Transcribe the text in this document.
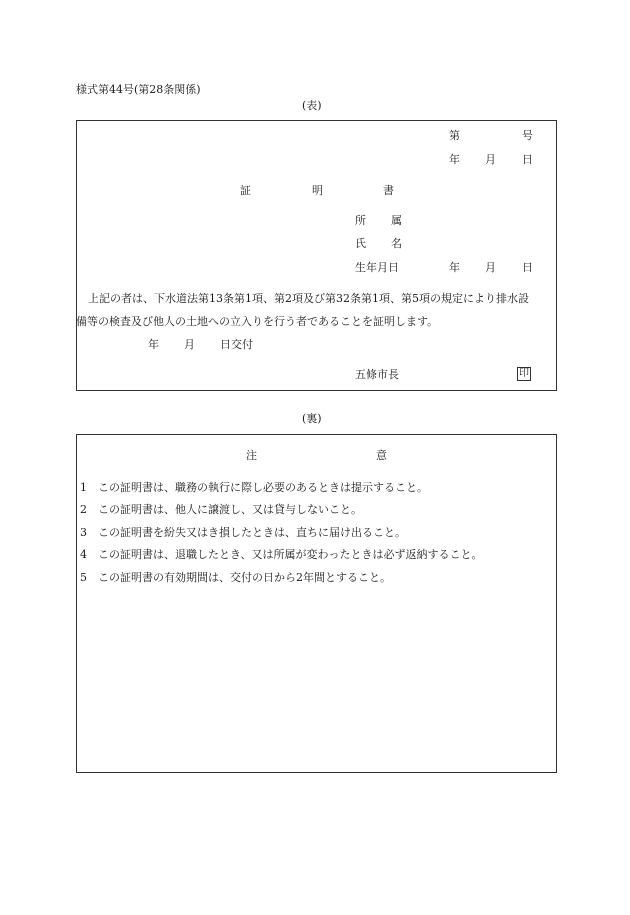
様式第44号(第28条関係)
(表)
第	号
年 月 日
証	明	書
所 属
氏 名
生年月日	年 月 日
上記の者は、下水道法第13条第1項、第2項及び第32条第1項、第5項の規定により排水設
備等の検査及び他人の土地への立入りを行う者であることを証明します。
年 月 日交付
五條市長	印
(裏)
注	意
1 この証明書は、職務の執行に際し必要のあるときは提示すること。
2 この証明書は、他人に譲渡し、又は貸与しないこと。
3 この証明書を紛失又はき損したときは、直ちに届け出ること。
4 この証明書は、退職したとき、又は所属が変わったときは必ず返納すること。
5 この証明書の有効期間は、交付の日から2年間とすること。
